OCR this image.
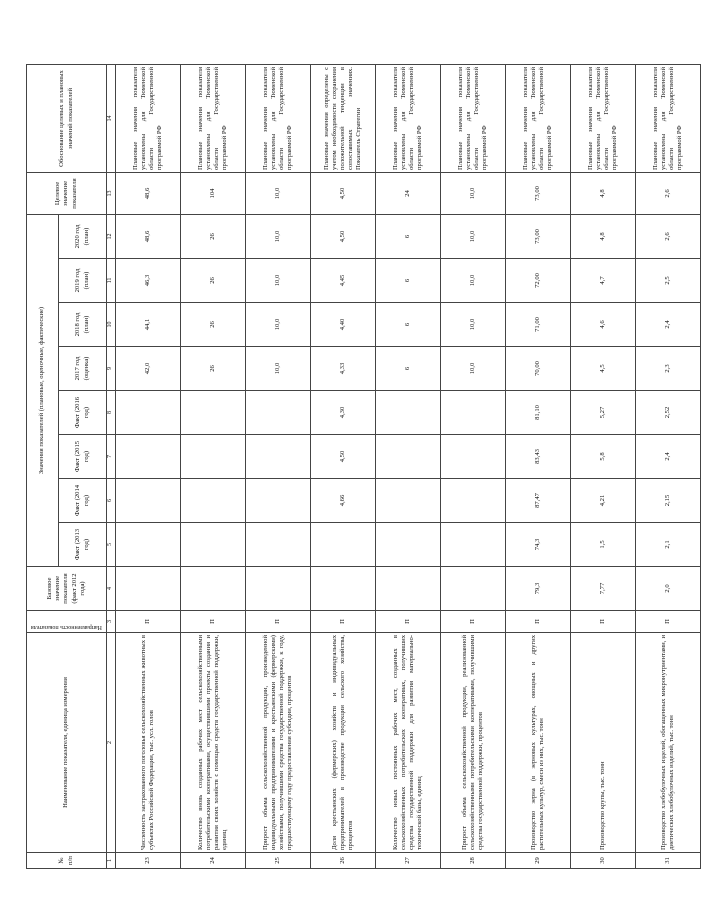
№ п/п	Наименование показателя, единица измерения	Направленность показателя	Базовое значение показателя (факт 2012 года)	Значения показателей (плановые, оценочные, фактические)								Целевое значение показателя	Обоснование целевых и плановых значений показателей
				Факт (2013 год)	Факт (2014 год)	Факт (2015 год)	Факт (2016 год)	2017 год (оценка)	2018 год (план)	2019 год (план)	2020 год (план)		
1	2	3	4	5	6	7	8	9	10	11	12	13	14
23	Численность застрахованного поголовья сельскохозяйственных животных в субъектах Российской Федерации, тыс. усл. голов	П						42,0	44,1	46,3	48,6	48,6	Плановые значения показателя установлены для Тюменской области Государственной программой РФ
24	Количество вновь созданных рабочих мест сельскохозяйственными потребительскими кооперативами, осуществившими проекты создания и развития своих хозяйств с помощью средств государственной поддержки, единиц	П						26	26	26	26	104	Плановые значения показателя установлены для Тюменской области Государственной программой РФ
25	Прирост объема сельскохозяйственной продукции, произведенной индивидуальными предпринимателями и крестьянскими (фермерскими) хозяйствами, получившими средства государственной поддержки, к году, предшествующему году предоставления субсидии, процентов	П						10,0	10,0	10,0	10,0	10,0	Плановые значения показателя установлены для Тюменской области Государственной программой РФ
26	Доля крестьянских (фермерских) хозяйств и индивидуальных предпринимателей в производстве продукции сельского хозяйства, процентов	П			4,66	4,50	4,30	4,33	4,40	4,45	4,50	4,50	Плановые значения определены с учетом необходимости сохранения положительной тенденции в сопоставимых значениях. Показатель Стратегии
27	Количество новых постоянных рабочих мест, созданных в сельскохозяйственных потребительских кооперативах, получивших средства государственной поддержки для развития материально-технической базы, единиц	П						6	6	6	6	24	Плановые значения показателя установлены для Тюменской области Государственной программой РФ
28	Прирост объема сельскохозяйственной продукции, реализованной сельскохозяйственными потребительскими кооперативами, получившими средства государственной поддержки, процентов	П						10,0	10,0	10,0	10,0	10,0	Плановые значения показателя установлены для Тюменской области Государственной программой РФ
29	Производство зерна (в зерновых культурах, овощных и других растительных культур, смеси из них, тыс. тонн	П	79,3	74,3	87,47	83,43	81,10	70,00	71,00	72,00	73,00	73,00	Плановые значения показателя установлены для Тюменской области Государственной программой РФ
30	Производство крупы, тыс. тонн	П	7,77	1,5	4,21	5,8	5,27	4,5	4,6	4,7	4,8	4,8	Плановые значения показателя установлены для Тюменской области Государственной программой РФ
31	Производство хлебобулочных изделий, обогащенных микронутриентами, и диетических хлебобулочных изделий, тыс. тонн	П	2,0	2,1	2,15	2,4	2,52	2,3	2,4	2,5	2,6	2,6	Плановые значения показателя установлены для Тюменской области Государственной программой РФ
